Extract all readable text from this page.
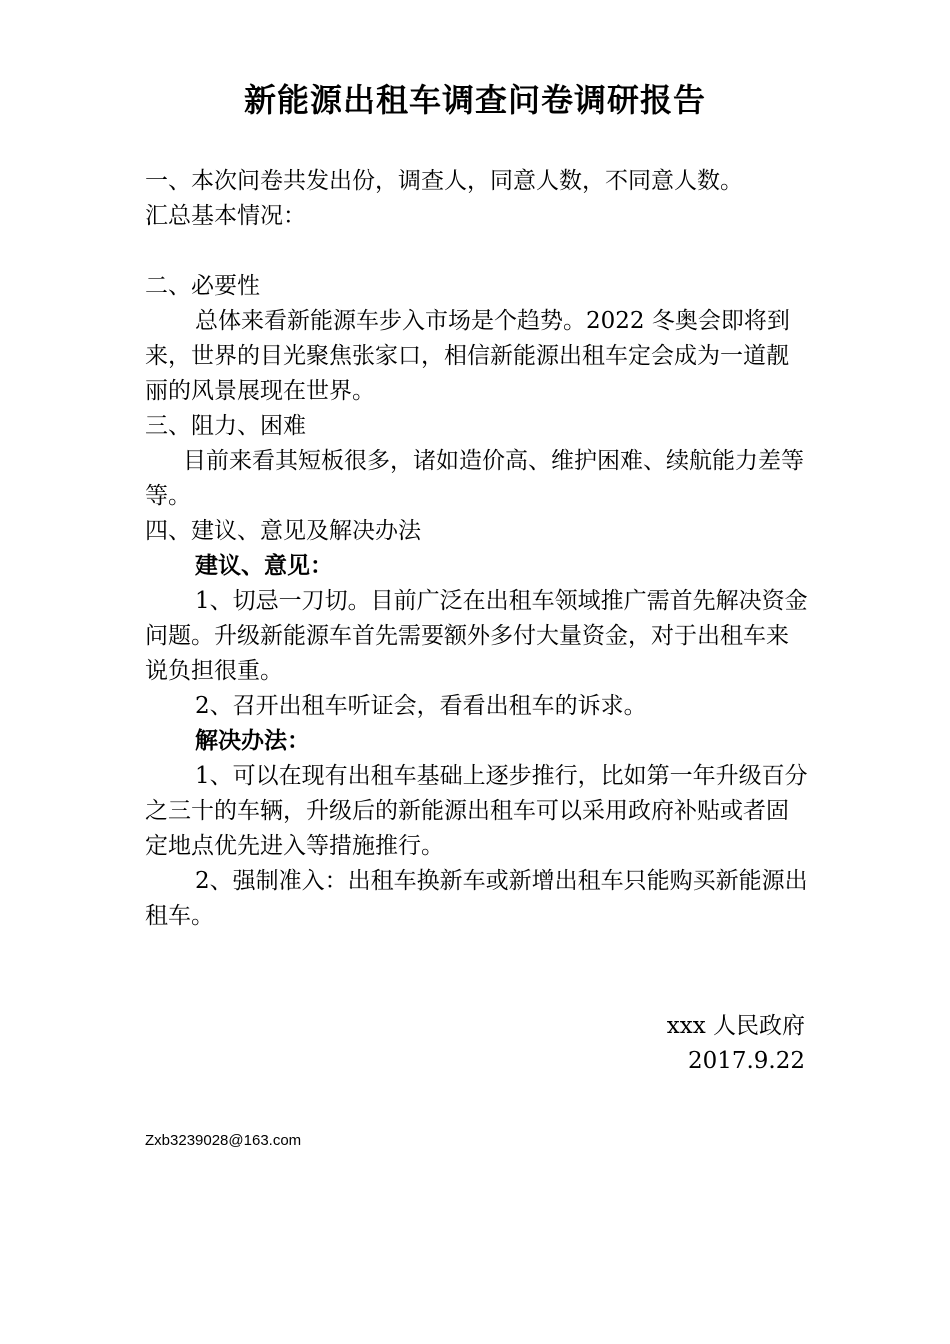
新能源出租车调查问卷调研报告

一、本次问卷共发出份，调查人，同意人数，不同意人数。

汇总基本情况：

二、必要性

总体来看新能源车步入市场是个趋势。2022 冬奥会即将到来，世界的目光聚焦张家口，相信新能源出租车定会成为一道靓丽的风景展现在世界。

三、阻力、困难

目前来看其短板很多，诸如造价高、维护困难、续航能力差等等。

四、建议、意见及解决办法

建议、意见：

1、切忌一刀切。目前广泛在出租车领域推广需首先解决资金问题。升级新能源车首先需要额外多付大量资金，对于出租车来说负担很重。

2、召开出租车听证会，看看出租车的诉求。

解决办法：

1、可以在现有出租车基础上逐步推行，比如第一年升级百分之三十的车辆，升级后的新能源出租车可以采用政府补贴或者固定地点优先进入等措施推行。

2、强制准入：出租车换新车或新增出租车只能购买新能源出租车。

xxx 人民政府

2017.9.22

Zxb3239028@163.com
